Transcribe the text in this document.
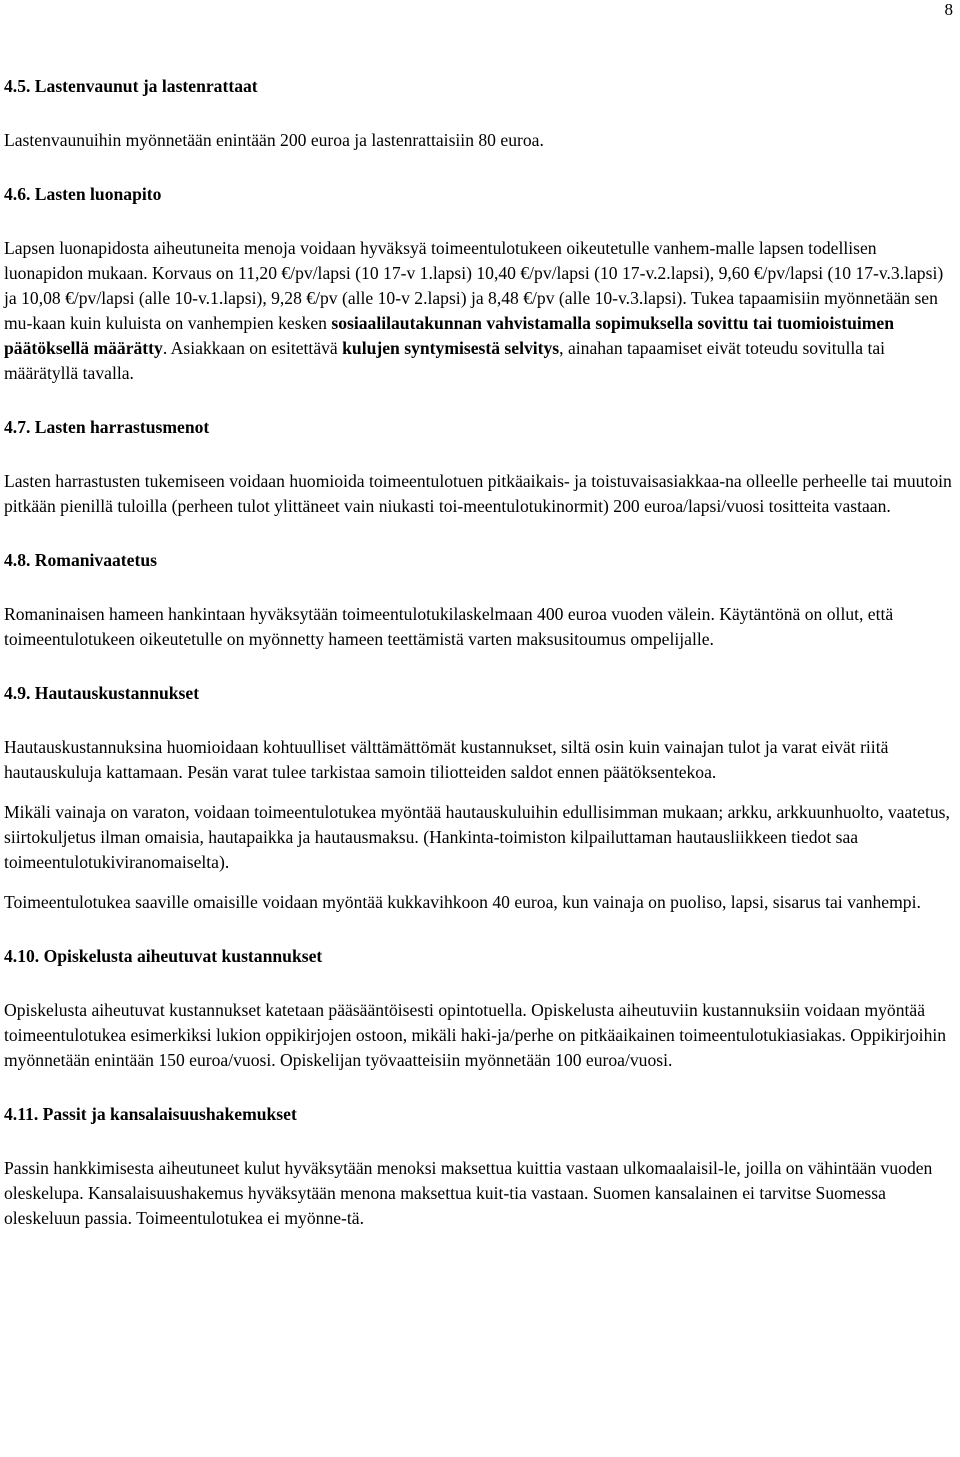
8
4.5. Lastenvaunut ja lastenrattaat

Lastenvaunuihin myönnetään enintään 200 euroa ja lastenrattaisiin 80 euroa.

4.6. Lasten luonapito

Lapsen luonapidosta aiheutuneita menoja voidaan hyväksyä toimeentulotukeen oikeutetulle vanhem-malle lapsen todellisen luonapidon mukaan. Korvaus on 11,20 €/pv/lapsi (10 17-v 1.lapsi) 10,40 €/pv/lapsi (10 17-v.2.lapsi), 9,60 €/pv/lapsi (10 17-v.3.lapsi) ja 10,08 €/pv/lapsi (alle 10-v.1.lapsi), 9,28 €/pv (alle 10-v 2.lapsi) ja 8,48 €/pv (alle 10-v.3.lapsi). Tukea tapaamisiin myönnetään sen mu-kaan kuin kuluista on vanhempien kesken sosiaalilautakunnan vahvistamalla sopimuksella sovittu tai tuomioistuimen päätöksellä määrätty. Asiakkaan on esitettävä kulujen syntymisestä selvitys, ainahan tapaamiset eivät toteudu sovitulla tai määrätyllä tavalla.

4.7. Lasten harrastusmenot

Lasten harrastusten tukemiseen voidaan huomioida toimeentulotuen pitkäaikais- ja toistuvaisasiakkaa-na olleelle perheelle tai muutoin pitkään pienillä tuloilla (perheen tulot ylittäneet vain niukasti toi-meentulotukinormit) 200 euroa/lapsi/vuosi tositteita vastaan.

4.8. Romanivaatetus

Romaninaisen hameen hankintaan hyväksytään toimeentulotukilaskelmaan 400 euroa vuoden välein. Käytäntönä on ollut, että toimeentulotukeen oikeutetulle on myönnetty hameen teettämistä varten maksusitoumus ompelijalle.

4.9. Hautauskustannukset

Hautauskustannuksina huomioidaan kohtuulliset välttämättömät kustannukset, siltä osin kuin vainajan tulot ja varat eivät riitä hautauskuluja kattamaan. Pesän varat tulee tarkistaa samoin tiliotteiden saldot ennen päätöksentekoa.

Mikäli vainaja on varaton, voidaan toimeentulotukea myöntää hautauskuluihin edullisimman mukaan; arkku, arkkuunhuolto, vaatetus, siirtokuljetus ilman omaisia, hautapaikka ja hautausmaksu. (Hankinta-toimiston kilpailuttaman hautausliikkeen tiedot saa toimeentulotukiviranomaiselta).

Toimeentulotukea saaville omaisille voidaan myöntää kukkavihkoon 40 euroa, kun vainaja on puoliso, lapsi, sisarus tai vanhempi.

4.10. Opiskelusta aiheutuvat kustannukset

Opiskelusta aiheutuvat kustannukset katetaan pääsääntöisesti opintotuella. Opiskelusta aiheutuviin kustannuksiin voidaan myöntää toimeentulotukea esimerkiksi lukion oppikirjojen ostoon, mikäli haki-ja/perhe on pitkäaikainen toimeentulotukiasiakas. Oppikirjoihin myönnetään enintään 150 euroa/vuosi. Opiskelijan työvaatteisiin myönnetään 100 euroa/vuosi.

4.11. Passit ja kansalaisuushakemukset

Passin hankkimisesta aiheutuneet kulut hyväksytään menoksi maksettua kuittia vastaan ulkomaalaisil-le, joilla on vähintään vuoden oleskelupa. Kansalaisuushakemus hyväksytään menona maksettua kuit-tia vastaan. Suomen kansalainen ei tarvitse Suomessa oleskeluun passia. Toimeentulotukea ei myönne-tä.
